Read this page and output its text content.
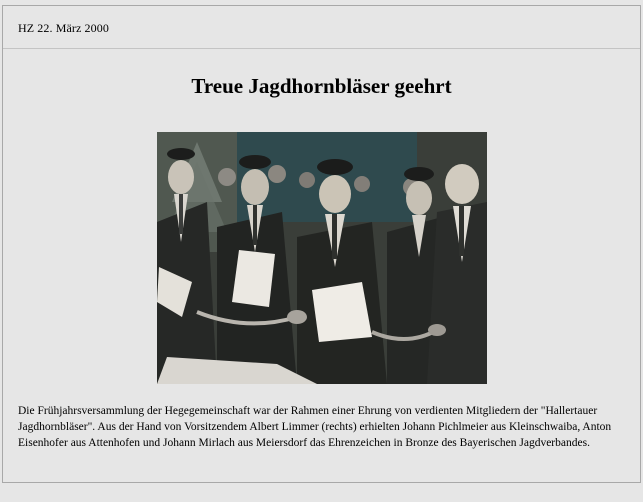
HZ 22. März 2000
Treue Jagdhornbläser geehrt
Die Frühjahrsversammlung der Hegegemeinschaft war der Rahmen einer Ehrung von verdienten Mitgliedern der "Hallertauer Jagdhornbläser". Aus der Hand von Vorsitzendem Albert Limmer (rechts) erhielten Johann Pichlmeier aus Kleinschwaiba, Anton Eisenhofer aus Attenhofen und Johann Mirlach aus Meiersdorf das Ehrenzeichen in Bronze des Bayerischen Jagdverbandes.
